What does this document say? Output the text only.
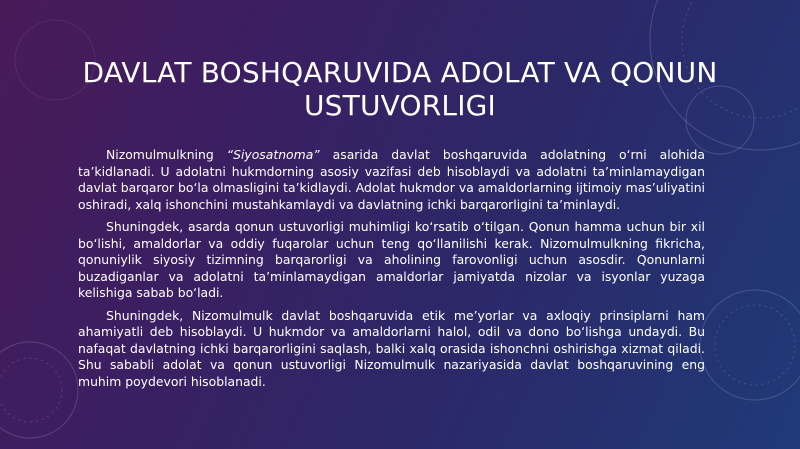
DAVLAT BOSHQARUVIDA ADOLAT VA QONUN USTUVORLIGI

Nizomulmulkning “Siyosatnoma” asarida davlat boshqaruvida adolatning o‘rni alohida ta’kidlanadi. U adolatni hukmdorning asosiy vazifasi deb hisoblaydi va adolatni ta’minlamaydigan davlat barqaror bo‘la olmasligini ta’kidlaydi. Adolat hukmdor va amaldorlarning ijtimoiy mas’uliyatini oshiradi, xalq ishonchini mustahkamlaydi va davlatning ichki barqarorligini ta’minlaydi.

Shuningdek, asarda qonun ustuvorligi muhimligi ko‘rsatib o‘tilgan. Qonun hamma uchun bir xil bo‘lishi, amaldorlar va oddiy fuqarolar uchun teng qo‘llanilishi kerak. Nizomulmulkning fikricha, qonuniylik siyosiy tizimning barqarorligi va aholining farovonligi uchun asosdir. Qonunlarni buzadiganlar va adolatni ta’minlamaydigan amaldorlar jamiyatda nizolar va isyonlar yuzaga kelishiga sabab bo‘ladi.

Shuningdek, Nizomulmulk davlat boshqaruvida etik me’yorlar va axloqiy prinsiplarni ham ahamiyatli deb hisoblaydi. U hukmdor va amaldorlarni halol, odil va dono bo‘lishga undaydi. Bu nafaqat davlatning ichki barqarorligini saqlash, balki xalq orasida ishonchni oshirishga xizmat qiladi. Shu sababli adolat va qonun ustuvorligi Nizomulmulk nazariyasida davlat boshqaruvining eng muhim poydevori hisoblanadi.
